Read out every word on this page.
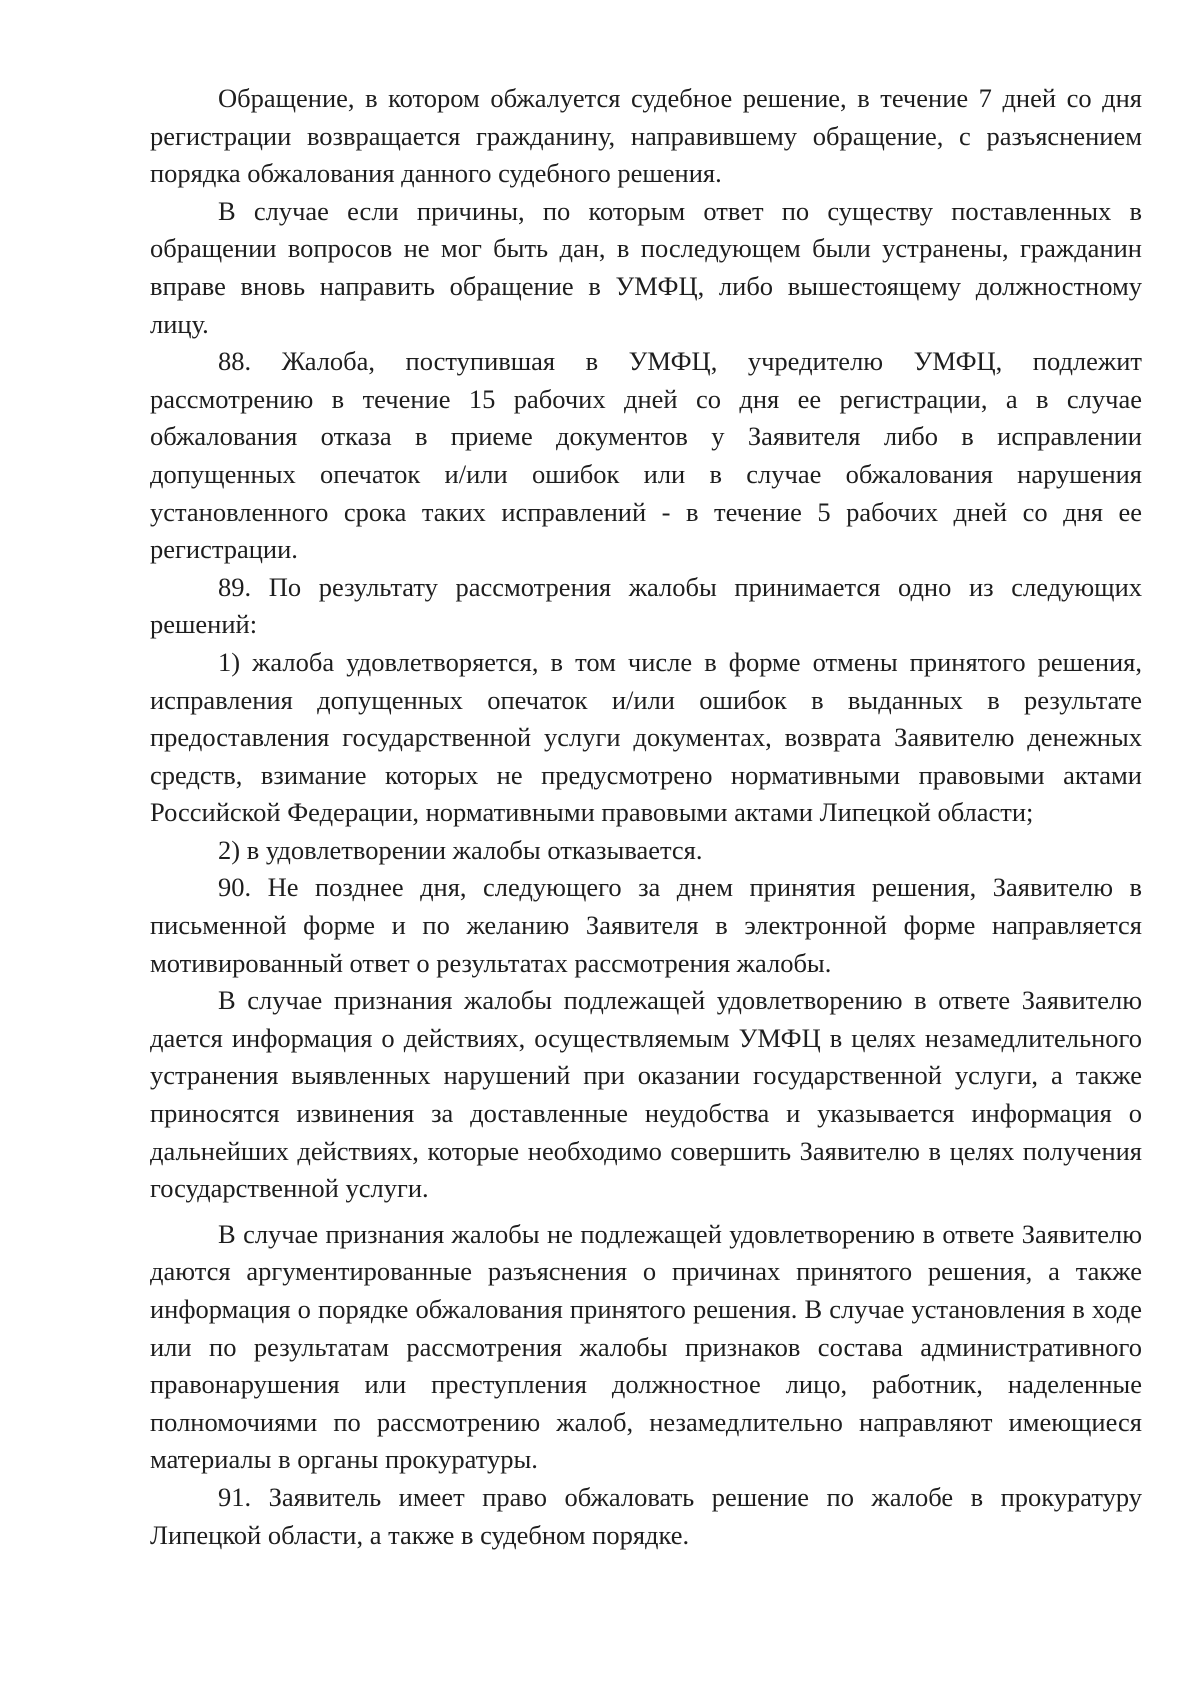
Обращение, в котором обжалуется судебное решение, в течение 7 дней со дня регистрации возвращается гражданину, направившему обращение, с разъяснением порядка обжалования данного судебного решения.

В случае если причины, по которым ответ по существу поставленных в обращении вопросов не мог быть дан, в последующем были устранены, гражданин вправе вновь направить обращение в УМФЦ, либо вышестоящему должностному лицу.

88. Жалоба, поступившая в УМФЦ, учредителю УМФЦ, подлежит рассмотрению в течение 15 рабочих дней со дня ее регистрации, а в случае обжалования отказа в приеме документов у Заявителя либо в исправлении допущенных опечаток и/или ошибок или в случае обжалования нарушения установленного срока таких исправлений - в течение 5 рабочих дней со дня ее регистрации.

89. По результату рассмотрения жалобы принимается одно из следующих решений:

1) жалоба удовлетворяется, в том числе в форме отмены принятого решения, исправления допущенных опечаток и/или ошибок в выданных в результате предоставления государственной услуги документах, возврата Заявителю денежных средств, взимание которых не предусмотрено нормативными правовыми актами Российской Федерации, нормативными правовыми актами Липецкой области;

2) в удовлетворении жалобы отказывается.

90. Не позднее дня, следующего за днем принятия решения, Заявителю в письменной форме и по желанию Заявителя в электронной форме направляется мотивированный ответ о результатах рассмотрения жалобы.

В случае признания жалобы подлежащей удовлетворению в ответе Заявителю дается информация о действиях, осуществляемым УМФЦ в целях незамедлительного устранения выявленных нарушений при оказании государственной услуги, а также приносятся извинения за доставленные неудобства и указывается информация о дальнейших действиях, которые необходимо совершить Заявителю в целях получения государственной услуги.

В случае признания жалобы не подлежащей удовлетворению в ответе Заявителю даются аргументированные разъяснения о причинах принятого решения, а также информация о порядке обжалования принятого решения. В случае установления в ходе или по результатам рассмотрения жалобы признаков состава административного правонарушения или преступления должностное лицо, работник, наделенные полномочиями по рассмотрению жалоб, незамедлительно направляют имеющиеся материалы в органы прокуратуры.

91. Заявитель имеет право обжаловать решение по жалобе в прокуратуру Липецкой области, а также в судебном порядке.
